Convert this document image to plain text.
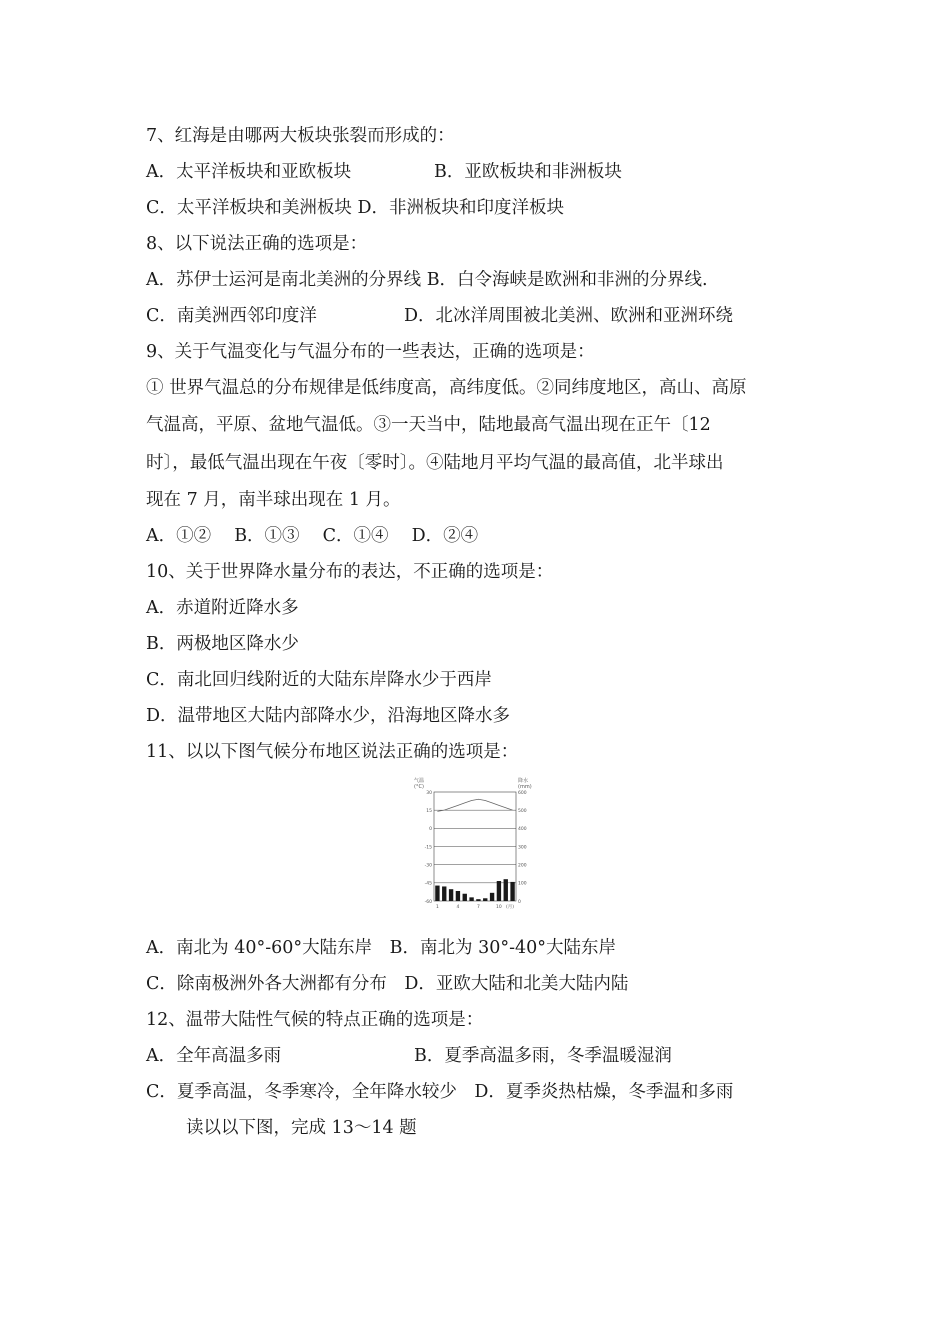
7、红海是由哪两大板块张裂而形成的：
A．太平洋板块和亚欧板块	B．亚欧板块和非洲板块
C．太平洋板块和美洲板块 D．非洲板块和印度洋板块
8、以下说法正确的选项是：
A．苏伊士运河是南北美洲的分界线 B．白令海峡是欧洲和非洲的分界线.
C．南美洲西邻印度洋	D．北冰洋周围被北美洲、欧洲和亚洲环绕
9、关于气温变化与气温分布的一些表达，正确的选项是：
① 世界气温总的分布规律是低纬度高，高纬度低。②同纬度地区，高山、高原
气温高，平原、盆地气温低。③一天当中，陆地最高气温出现在正午〔12
时〕，最低气温出现在午夜〔零时〕。④陆地月平均气温的最高值，北半球出
现在 7 月，南半球出现在 1 月。
A．①②　 B．①③　 C．①④　 D．②④
10、关于世界降水量分布的表达，不正确的选项是：
A．赤道附近降水多
B．两极地区降水少
C．南北回归线附近的大陆东岸降水少于西岸
D．温带地区大陆内部降水少，沿海地区降水多
11、以以下图气候分布地区说法正确的选项是：
气温
(°C)
降水
(mm)
30	600
15	500
0	400
-15	300
-30	200
-45	100
-60	0
1	4	7	10 (月)
A．南北为 40°-60°大陆东岸　B．南北为 30°-40°大陆东岸
C．除南极洲外各大洲都有分布　D．亚欧大陆和北美大陆内陆
12、温带大陆性气候的特点正确的选项是：
A．全年高温多雨	B．夏季高温多雨，冬季温暖湿润
C．夏季高温，冬季寒冷，全年降水较少　D．夏季炎热枯燥，冬季温和多雨
读以以下图，完成 13～14 题
